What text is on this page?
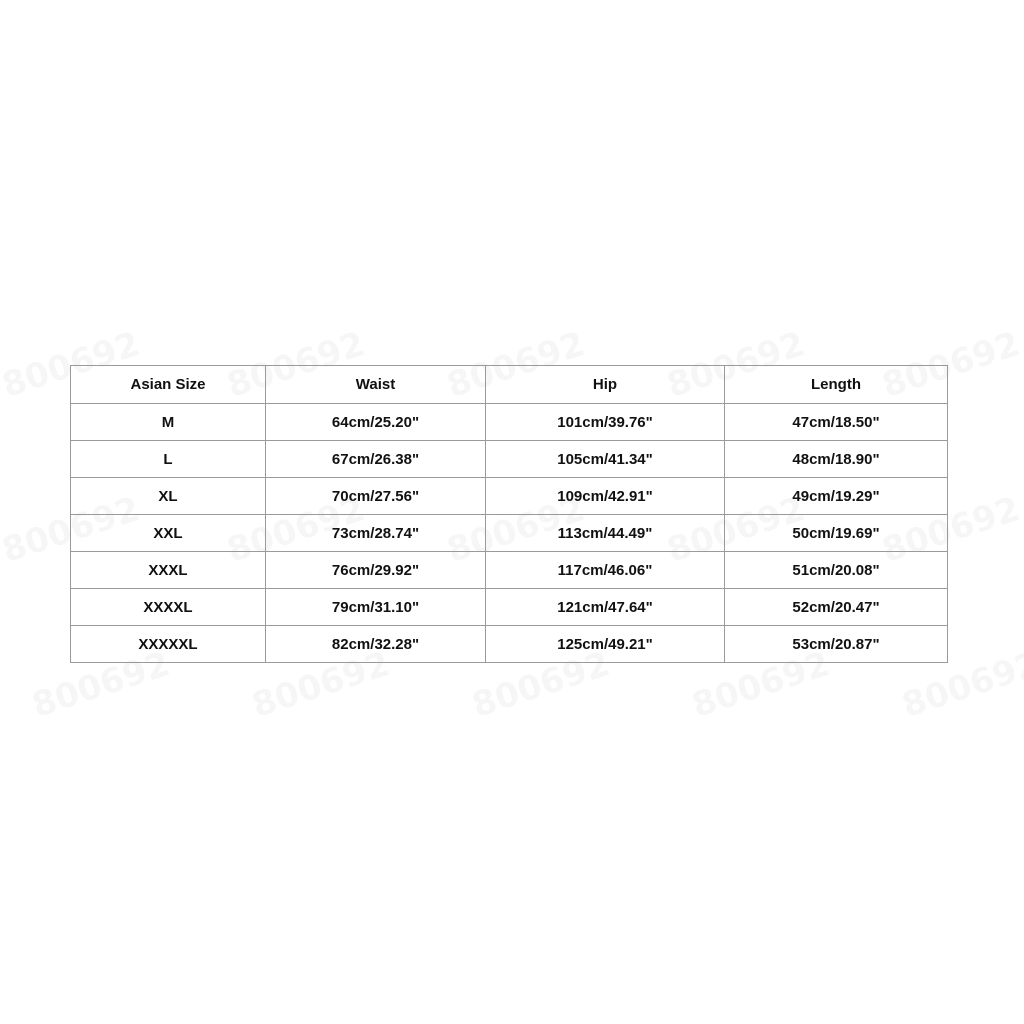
Asian Size	Waist	Hip	Length
M	64cm/25.20"	101cm/39.76"	47cm/18.50"
L	67cm/26.38"	105cm/41.34"	48cm/18.90"
XL	70cm/27.56"	109cm/42.91"	49cm/19.29"
XXL	73cm/28.74"	113cm/44.49"	50cm/19.69"
XXXL	76cm/29.92"	117cm/46.06"	51cm/20.08"
XXXXL	79cm/31.10"	121cm/47.64"	52cm/20.47"
XXXXXL	82cm/32.28"	125cm/49.21"	53cm/20.87"
